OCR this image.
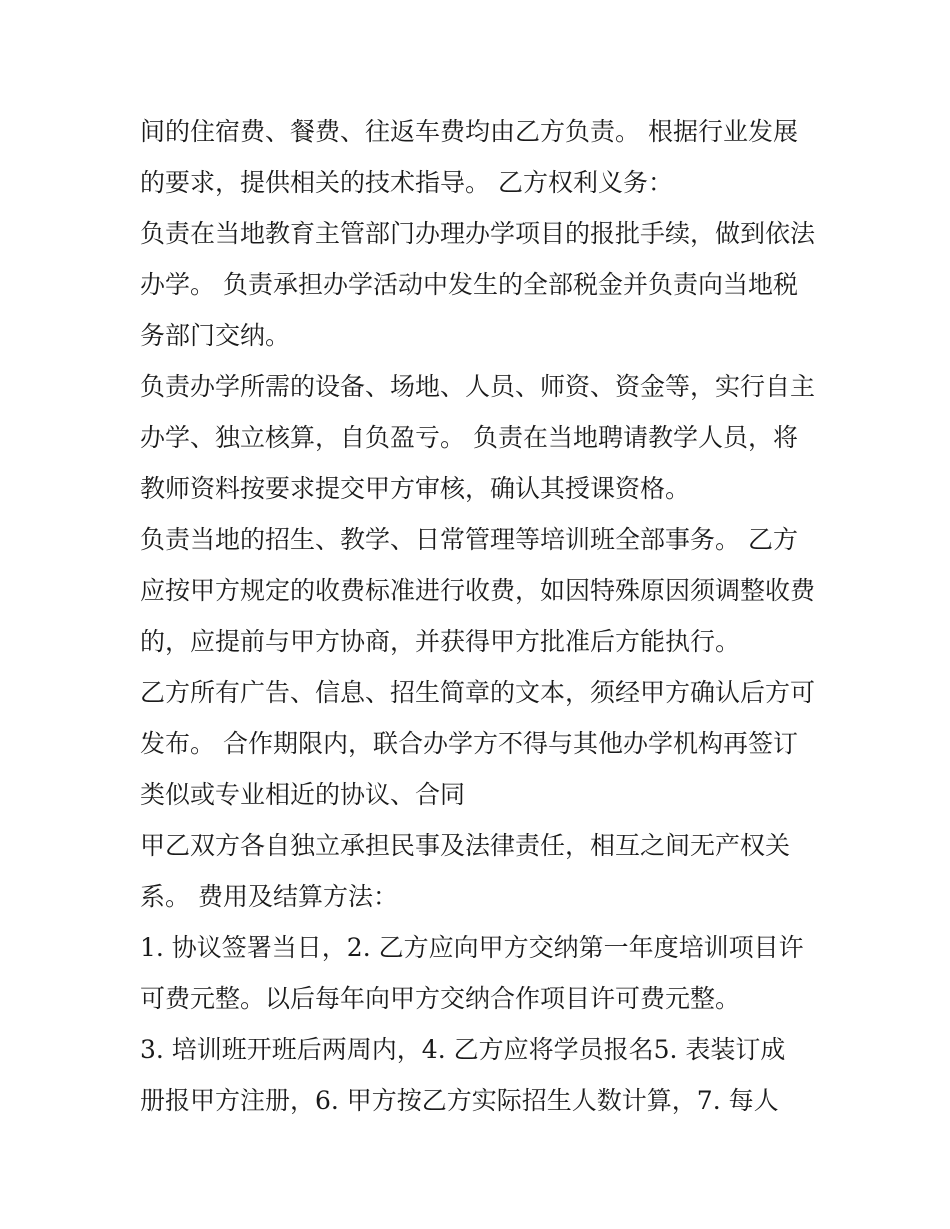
间的住宿费、餐费、往返车费均由乙方负责。 根据行业发展
的要求，提供相关的技术指导。 乙方权利义务：
负责在当地教育主管部门办理办学项目的报批手续，做到依法
办学。 负责承担办学活动中发生的全部税金并负责向当地税
务部门交纳。
负责办学所需的设备、场地、人员、师资、资金等，实行自主
办学、独立核算，自负盈亏。 负责在当地聘请教学人员，将
教师资料按要求提交甲方审核，确认其授课资格。
负责当地的招生、教学、日常管理等培训班全部事务。 乙方
应按甲方规定的收费标准进行收费，如因特殊原因须调整收费
的，应提前与甲方协商，并获得甲方批准后方能执行。
乙方所有广告、信息、招生简章的文本，须经甲方确认后方可
发布。 合作期限内，联合办学方不得与其他办学机构再签订
类似或专业相近的协议、合同
甲乙双方各自独立承担民事及法律责任，相互之间无产权关
系。 费用及结算方法：
1. 协议签署当日，2. 乙方应向甲方交纳第一年度培训项目许
可费元整。以后每年向甲方交纳合作项目许可费元整。
3. 培训班开班后两周内，4. 乙方应将学员报名5. 表装订成
册报甲方注册，6. 甲方按乙方实际招生人数计算，7. 每人
